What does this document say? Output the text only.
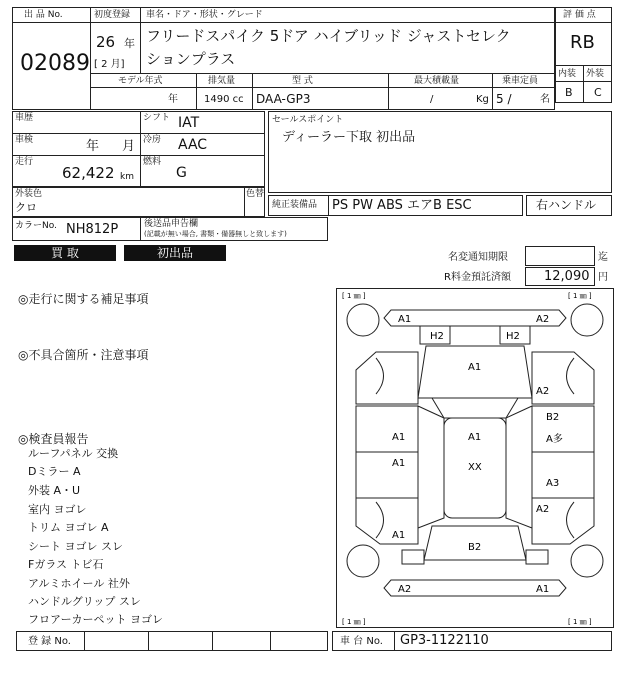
出 品 No.
02089
初度登録
26 年
[ 2 月]
車名・ドア・形状・グレード
フリードスパイク 5ドア ハイブリッド ジャストセレク
ションプラス
モデル年式	排気量	型 式	最大積載量	乗車定員
年	1490 cc DAA-GP3	/	Kg 5 /	名
評 価 点
RB
内装 外装
B C
車歴	シフト IAT
車検	年 月 冷房 AAC
走行
62,422 km
燃料
G
セールスポイント
ディーラー下取 初出品
外装色
クロ
色替
純正装備品 PS PW ABS エアB ESC	右ハンドル
カラーNo. NH812P	後送品申告欄
(記載が無い場合, 書類・備器無しと致します)
買 取	初出品	名変通知期限	迄
R料金預託済額	12,090 円
◎走行に関する補足事項
◎不具合箇所・注意事項
◎検査員報告
ルーフパネル 交換
Dミラー A
外装 A・U
室内 ヨゴレ
トリム ヨゴレ A
シート ヨゴレ スレ
Fガラス トビ石
アルミホイール 社外
ハンドルグリップ スレ
フロアーカーペット ヨゴレ
[ 1 ㎜ ]	[ 1 ㎜ ]
[ 1 ㎜ ]	[ 1 ㎜ ]
A1	A2
H2	H2
A1
A2
A1	A1
B2
A多
A1	XX
A3
A2
A1
B2
A2	A1
登 録 No.	車 台 No. GP3-1122110
